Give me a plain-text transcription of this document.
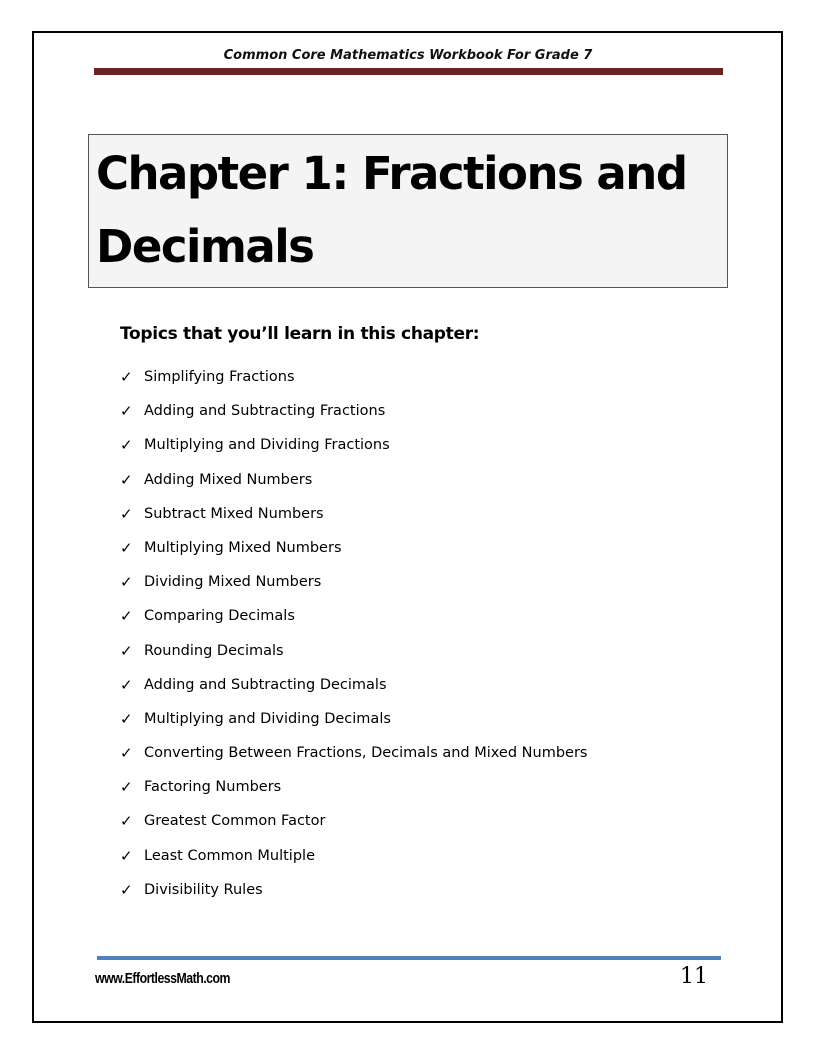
Common Core Mathematics Workbook For Grade 7
Chapter 1: Fractions and Decimals
Topics that you’ll learn in this chapter:
✓ Simplifying Fractions
✓ Adding and Subtracting Fractions
✓ Multiplying and Dividing Fractions
✓ Adding Mixed Numbers
✓ Subtract Mixed Numbers
✓ Multiplying Mixed Numbers
✓ Dividing Mixed Numbers
✓ Comparing Decimals
✓ Rounding Decimals
✓ Adding and Subtracting Decimals
✓ Multiplying and Dividing Decimals
✓ Converting Between Fractions, Decimals and Mixed Numbers
✓ Factoring Numbers
✓ Greatest Common Factor
✓ Least Common Multiple
✓ Divisibility Rules
www.EffortlessMath.com	11
